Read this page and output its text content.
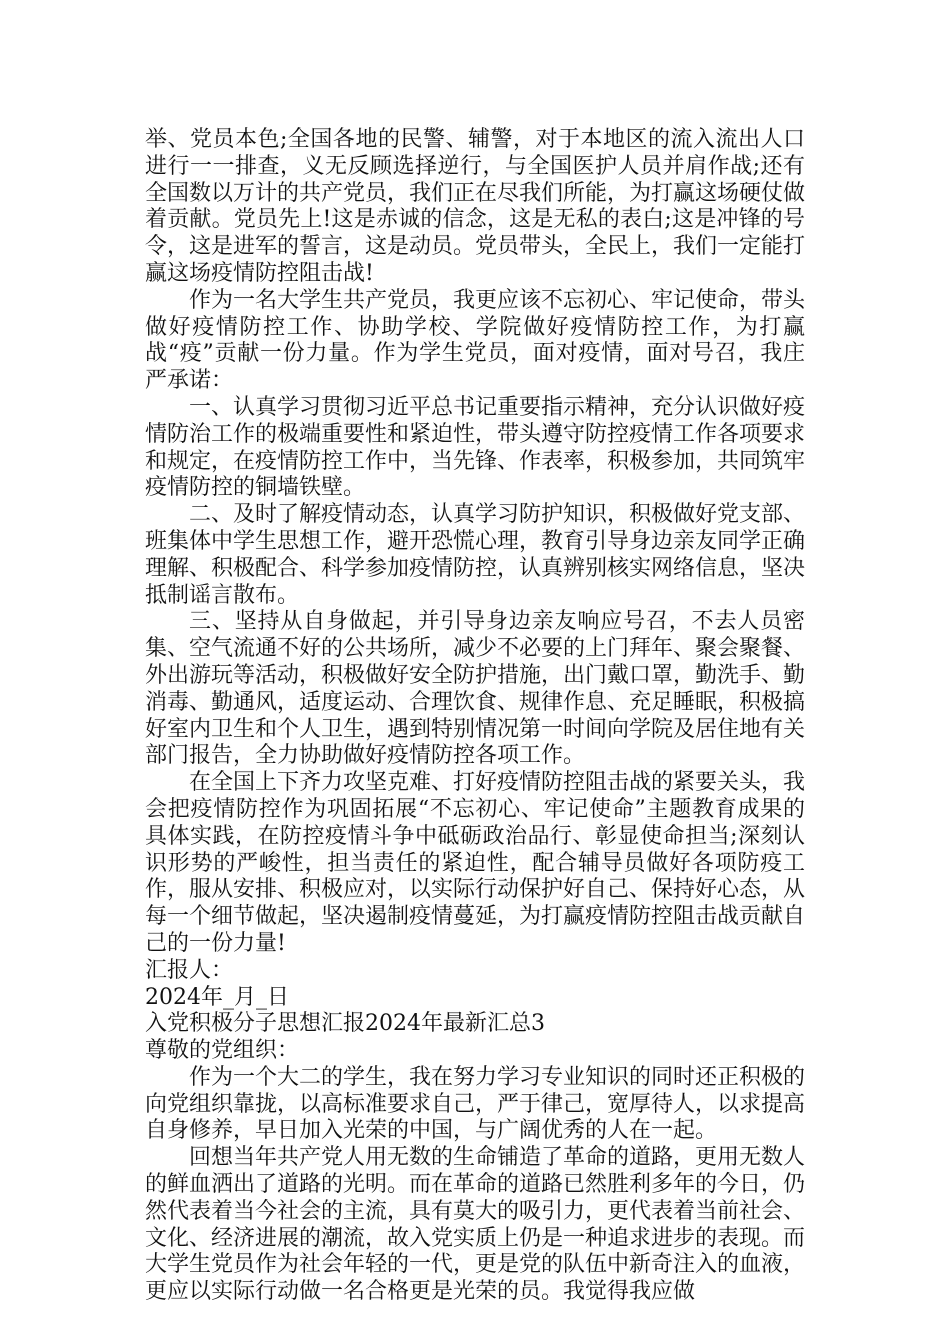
举、党员本色;全国各地的民警、辅警，对于本地区的流入流出人口进行一一排查，义无反顾选择逆行，与全国医护人员并肩作战;还有全国数以万计的共产党员，我们正在尽我们所能，为打赢这场硬仗做着贡献。党员先上!这是赤诚的信念，这是无私的表白;这是冲锋的号令，这是进军的誓言，这是动员。党员带头，全民上，我们一定能打赢这场疫情防控阻击战!

作为一名大学生共产党员，我更应该不忘初心、牢记使命，带头做好疫情防控工作、协助学校、学院做好疫情防控工作，为打赢战“疫”贡献一份力量。作为学生党员，面对疫情，面对号召，我庄严承诺：

一、认真学习贯彻习近平总书记重要指示精神，充分认识做好疫情防治工作的极端重要性和紧迫性，带头遵守防控疫情工作各项要求和规定，在疫情防控工作中，当先锋、作表率，积极参加，共同筑牢疫情防控的铜墙铁壁。

二、及时了解疫情动态，认真学习防护知识，积极做好党支部、班集体中学生思想工作，避开恐慌心理，教育引导身边亲友同学正确理解、积极配合、科学参加疫情防控，认真辨别核实网络信息，坚决抵制谣言散布。

三、坚持从自身做起，并引导身边亲友响应号召，不去人员密集、空气流通不好的公共场所，减少不必要的上门拜年、聚会聚餐、外出游玩等活动，积极做好安全防护措施，出门戴口罩，勤洗手、勤消毒、勤通风，适度运动、合理饮食、规律作息、充足睡眠，积极搞好室内卫生和个人卫生，遇到特别情况第一时间向学院及居住地有关部门报告，全力协助做好疫情防控各项工作。

在全国上下齐力攻坚克难、打好疫情防控阻击战的紧要关头，我会把疫情防控作为巩固拓展“不忘初心、牢记使命”主题教育成果的具体实践，在防控疫情斗争中砥砺政治品行、彰显使命担当;深刻认识形势的严峻性，担当责任的紧迫性，配合辅导员做好各项防疫工作，服从安排、积极应对，以实际行动保护好自己、保持好心态，从每一个细节做起，坚决遏制疫情蔓延，为打赢疫情防控阻击战贡献自己的一份力量!

汇报人：

2024年_月_日

入党积极分子思想汇报2024年最新汇总3

尊敬的党组织：

作为一个大二的学生，我在努力学习专业知识的同时还正积极的向党组织靠拢，以高标准要求自己，严于律己，宽厚待人，以求提高自身修养，早日加入光荣的中国，与广阔优秀的人在一起。

回想当年共产党人用无数的生命铺造了革命的道路，更用无数人的鲜血洒出了道路的光明。而在革命的道路已然胜利多年的今日，仍然代表着当今社会的主流，具有莫大的吸引力，更代表着当前社会、文化、经济进展的潮流，故入党实质上仍是一种追求进步的表现。而大学生党员作为社会年轻的一代，更是党的队伍中新奇注入的血液，更应以实际行动做一名合格更是光荣的员。我觉得我应做
